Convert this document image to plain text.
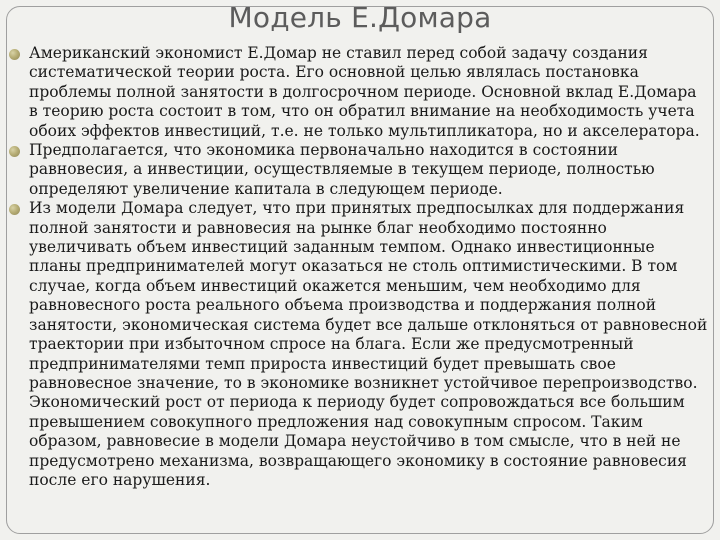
Модель Е.Домара
Американский экономист Е.Домар не ставил перед собой задачу создания систематической теории роста. Его основной целью являлась постановка проблемы полной занятости в долгосрочном периоде. Основной вклад Е.Домара в теорию роста состоит в том, что он обратил внимание на необходимость учета обоих эффектов инвестиций, т.е. не только мультипликатора, но и акселератора.
Предполагается, что экономика первоначально находится в состоянии равновесия, а инвестиции, осуществляемые в текущем периоде, полностью определяют увеличение капитала в следующем периоде.
Из модели Домара следует, что при принятых предпосылках для поддержания полной занятости и равновесия на рынке благ необходимо постоянно увеличивать объем инвестиций заданным темпом. Однако инвестиционные планы предпринимателей могут оказаться не столь оптимистическими. В том случае, когда объем инвестиций окажется меньшим, чем необходимо для равновесного роста реального объема производства и поддержания полной занятости, экономическая система будет все дальше отклоняться от равновесной траектории при избыточном спросе на блага. Если же предусмотренный предпринимателями темп прироста инвестиций будет превышать свое равновесное значение, то в экономике возникнет устойчивое перепроизводство. Экономический рост от периода к периоду будет сопровождаться все большим превышением совокупного предложения над совокупным спросом. Таким образом, равновесие в модели Домара неустойчиво в том смысле, что в ней не предусмотрено механизма, возвращающего экономику в состояние равновесия после его нарушения.
